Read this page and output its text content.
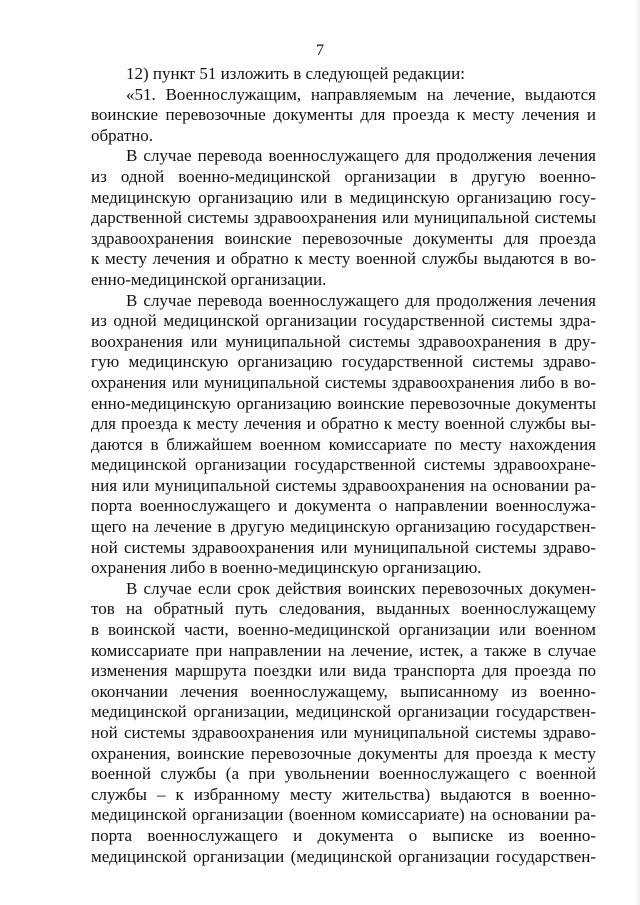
7
12) пункт 51 изложить в следующей редакции:
«51. Военнослужащим, направляемым на лечение, выдаются
воинские перевозочные документы для проезда к месту лечения и
обратно.
В случае перевода военнослужащего для продолжения лечения
из одной военно-медицинской организации в другую военно-
медицинскую организацию или в медицинскую организацию госу-
дарственной системы здравоохранения или муниципальной системы
здравоохранения воинские перевозочные документы для проезда
к месту лечения и обратно к месту военной службы выдаются в во-
енно-медицинской организации.
В случае перевода военнослужащего для продолжения лечения
из одной медицинской организации государственной системы здра-
воохранения или муниципальной системы здравоохранения в дру-
гую медицинскую организацию государственной системы здраво-
охранения или муниципальной системы здравоохранения либо в во-
енно-медицинскую организацию воинские перевозочные документы
для проезда к месту лечения и обратно к месту военной службы вы-
даются в ближайшем военном комиссариате по месту нахождения
медицинской организации государственной системы здравоохране-
ния или муниципальной системы здравоохранения на основании ра-
порта военнослужащего и документа о направлении военнослужа-
щего на лечение в другую медицинскую организацию государствен-
ной системы здравоохранения или муниципальной системы здраво-
охранения либо в военно-медицинскую организацию.
В случае если срок действия воинских перевозочных докумен-
тов на обратный путь следования, выданных военнослужащему
в воинской части, военно-медицинской организации или военном
комиссариате при направлении на лечение, истек, а также в случае
изменения маршрута поездки или вида транспорта для проезда по
окончании лечения военнослужащему, выписанному из военно-
медицинской организации, медицинской организации государствен-
ной системы здравоохранения или муниципальной системы здраво-
охранения, воинские перевозочные документы для проезда к месту
военной службы (а при увольнении военнослужащего с военной
службы – к избранному месту жительства) выдаются в военно-
медицинской организации (военном комиссариате) на основании ра-
порта военнослужащего и документа о выписке из военно-
медицинской организации (медицинской организации государствен-
